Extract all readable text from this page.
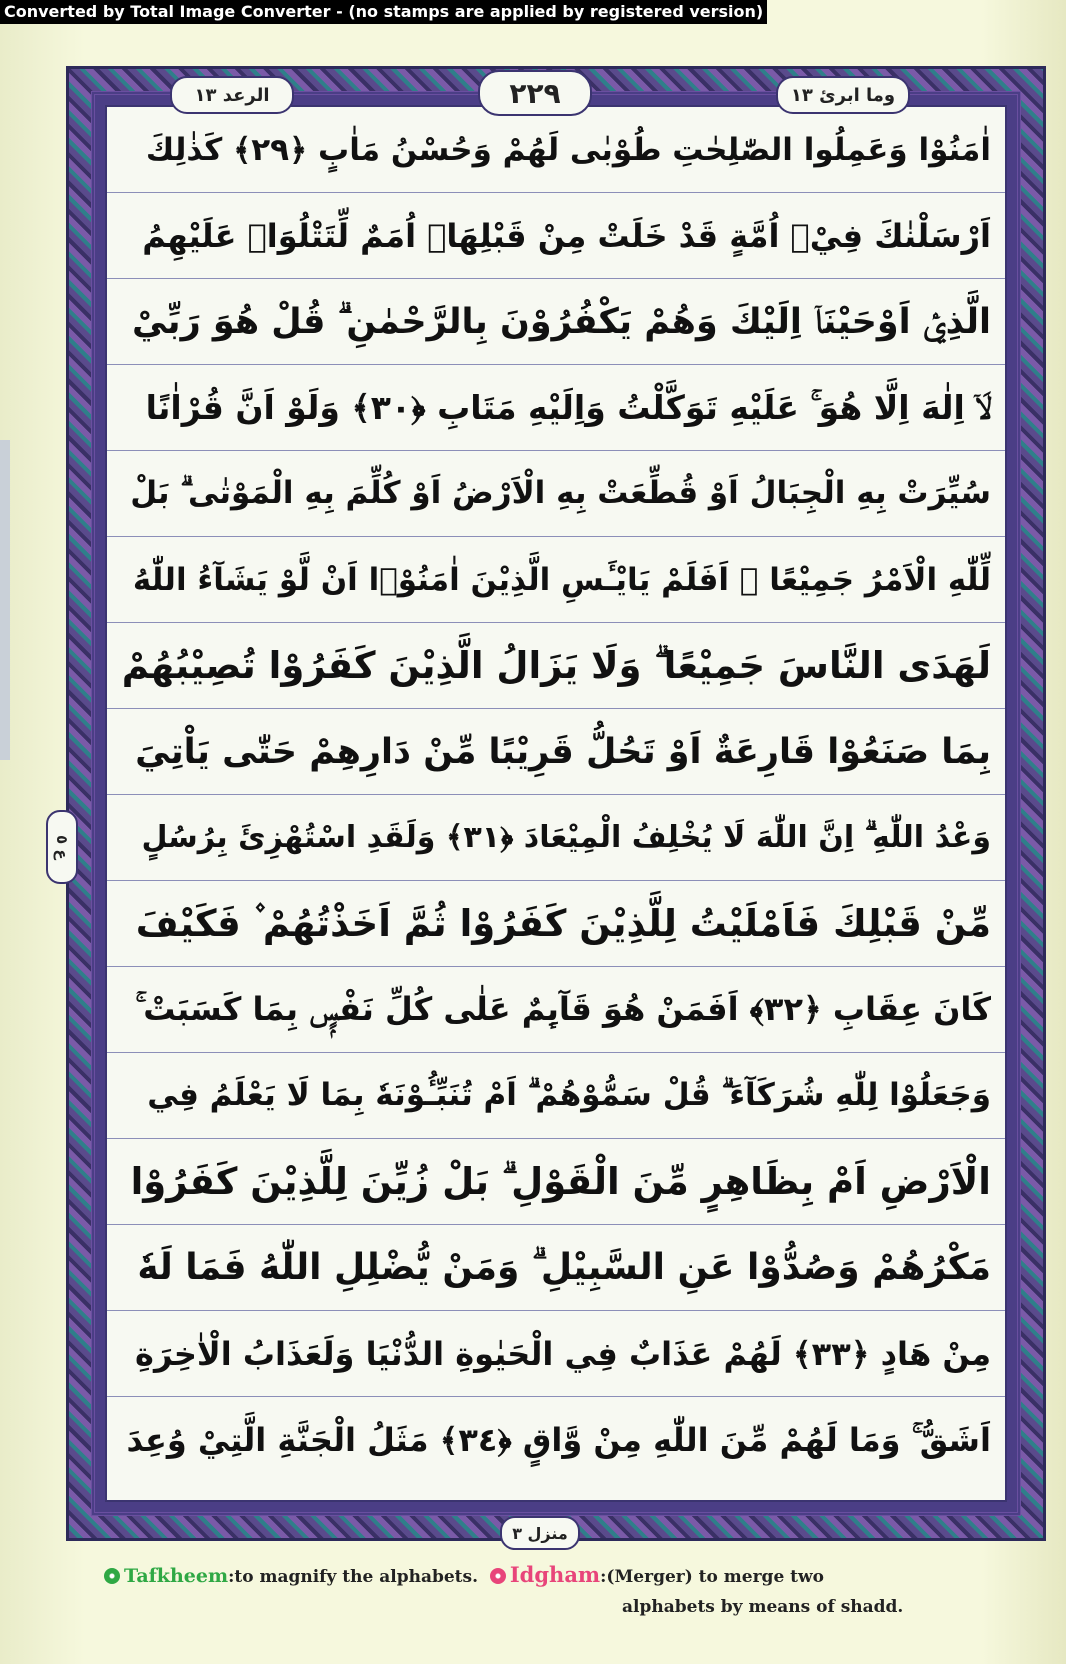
اٰمَنُوْا وَعَمِلُوا الصّٰلِحٰتِ طُوْبٰى لَهُمْ وَحُسْنُ مَاٰبٍ ﴿٢٩﴾ كَذٰلِكَ
اَرْسَلْنٰكَ فِيْۤ اُمَّةٍ قَدْ خَلَتْ مِنْ قَبْلِهَاۤ اُمَمٌ لِّتَتْلُوَا۟ عَلَيْهِمُ
الَّذِيْۤ اَوْحَيْنَاۤ اِلَيْكَ وَهُمْ يَكْفُرُوْنَ بِالرَّحْمٰنِ ۗ قُلْ هُوَ رَبِّيْ
لَاۤ اِلٰهَ اِلَّا هُوَ ۚ عَلَيْهِ تَوَكَّلْتُ وَاِلَيْهِ مَتَابِ ﴿٣٠﴾ وَلَوْ اَنَّ قُرْاٰنًا
سُيِّرَتْ بِهِ الْجِبَالُ اَوْ قُطِّعَتْ بِهِ الْاَرْضُ اَوْ كُلِّمَ بِهِ الْمَوْتٰى ۗ بَلْ
لِّلّٰهِ الْاَمْرُ جَمِيْعًا ۗ اَفَلَمْ يَايْـَٔسِ الَّذِيْنَ اٰمَنُوْۤا اَنْ لَّوْ يَشَآءُ اللّٰهُ
لَهَدَى النَّاسَ جَمِيْعًا ۗ وَلَا يَزَالُ الَّذِيْنَ كَفَرُوْا تُصِيْبُهُمْ
بِمَا صَنَعُوْا قَارِعَةٌ اَوْ تَحُلُّ قَرِيْبًا مِّنْ دَارِهِمْ حَتّٰى يَاْتِيَ
وَعْدُ اللّٰهِ ۗ اِنَّ اللّٰهَ لَا يُخْلِفُ الْمِيْعَادَ ﴿٣١﴾ وَلَقَدِ اسْتُهْزِئَ بِرُسُلٍ
مِّنْ قَبْلِكَ فَاَمْلَيْتُ لِلَّذِيْنَ كَفَرُوْا ثُمَّ اَخَذْتُهُمْ ۫ فَكَيْفَ
كَانَ عِقَابِ ﴿٣٢﴾ اَفَمَنْ هُوَ قَآىِٕمٌ عَلٰى كُلِّ نَفْسٍۭ بِمَا كَسَبَتْ ۚ
وَجَعَلُوْا لِلّٰهِ شُرَكَآءَ ۗ قُلْ سَمُّوْهُمْ ۗ اَمْ تُنَبِّـُٔوْنَهٗ بِمَا لَا يَعْلَمُ فِي
الْاَرْضِ اَمْ بِظَاهِرٍ مِّنَ الْقَوْلِ ۗ بَلْ زُيِّنَ لِلَّذِيْنَ كَفَرُوْا
مَكْرُهُمْ وَصُدُّوْا عَنِ السَّبِيْلِ ۗ وَمَنْ يُّضْلِلِ اللّٰهُ فَمَا لَهٗ
مِنْ هَادٍ ﴿٣٣﴾ لَهُمْ عَذَابٌ فِي الْحَيٰوةِ الدُّنْيَا وَلَعَذَابُ الْاٰخِرَةِ
اَشَقُّ ۚ وَمَا لَهُمْ مِّنَ اللّٰهِ مِنْ وَّاقٍ ﴿٣٤﴾ مَثَلُ الْجَنَّةِ الَّتِيْ وُعِدَ
الرعد ١٣	٢٢٩	وما ابرئ ١٣
منزل ٣
ع ٥
Tafkheem:to magnify the alphabets. Idgham:(Merger) to merge two
alphabets by means of shadd.
Converted by Total Image Converter - (no stamps are applied by registered version)
